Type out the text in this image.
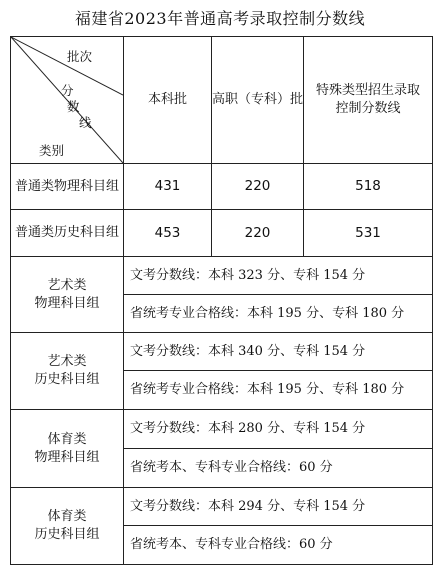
福建省2023年普通高考录取控制分数线
批次
分
数
线
类别	本科批	高职（专科）批	特殊类型招生录取控制分数线
普通类物理科目组	431	220	518
普通类历史科目组	453	220	531
艺术类
物理科目组	文考分数线：本科 323 分、专科 154 分		
	省统考专业合格线：本科 195 分、专科 180 分		
艺术类
历史科目组	文考分数线：本科 340 分、专科 154 分		
	省统考专业合格线：本科 195 分、专科 180 分		
体育类
物理科目组	文考分数线：本科 280 分、专科 154 分		
	省统考本、专科专业合格线：60 分		
体育类
历史科目组	文考分数线：本科 294 分、专科 154 分		
	省统考本、专科专业合格线：60 分		
